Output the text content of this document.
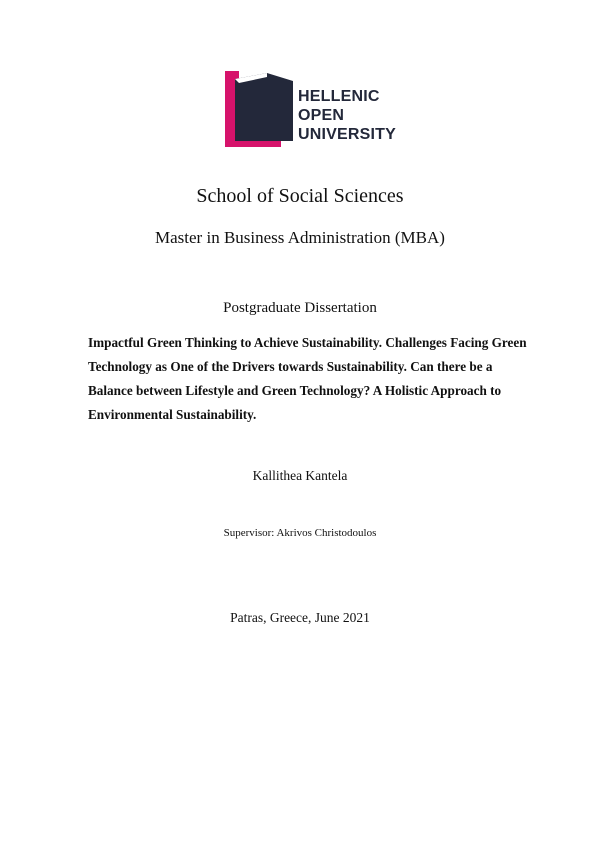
HELLENIC
OPEN
UNIVERSITY
School of Social Sciences
Master in Business Administration (MBA)
Postgraduate Dissertation
Impactful Green Thinking to Achieve Sustainability. Challenges Facing Green Technology as One of the Drivers towards Sustainability. Can there be a Balance between Lifestyle and Green Technology? A Holistic Approach to Environmental Sustainability.
Kallithea Kantela
Supervisor: Akrivos Christodoulos
Patras, Greece, June 2021
